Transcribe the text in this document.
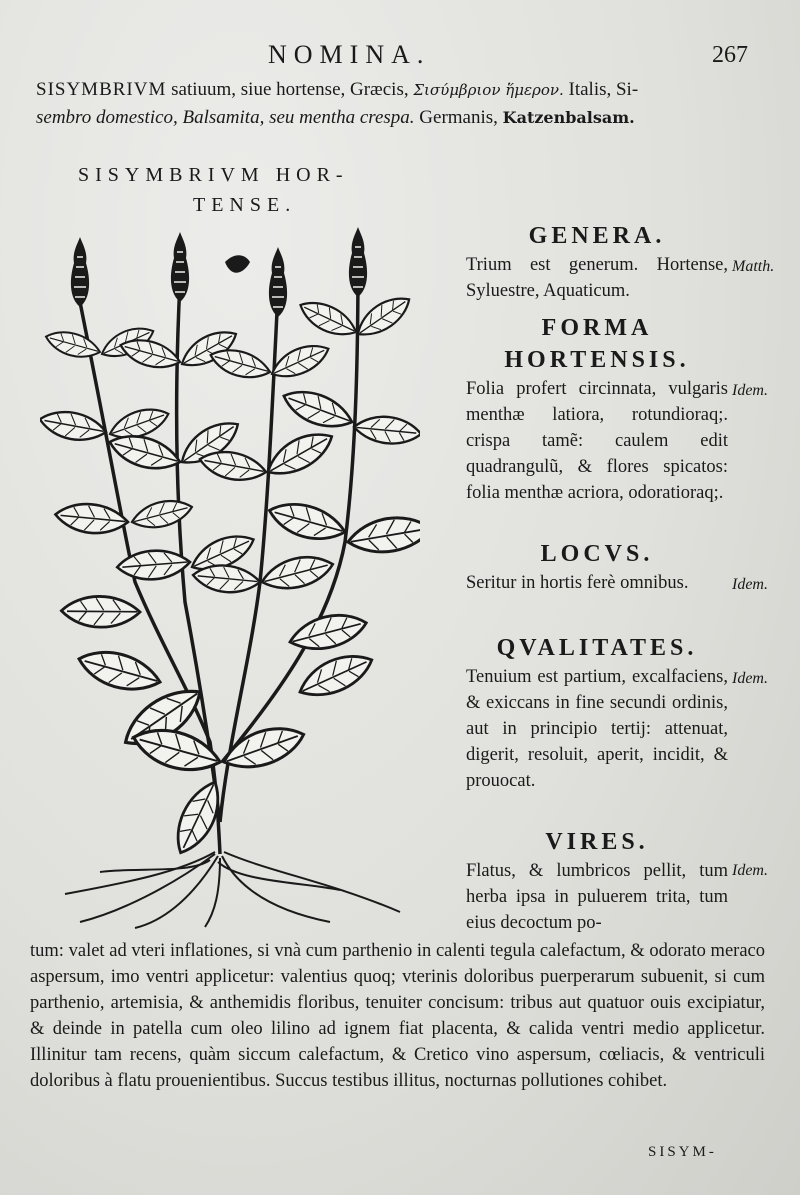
NOMINA.	267
SISYMBRIVM satiuum, siue hortense, Græcis, Σισύμβριον ἥμερον. Italis, Si-
sembro domestico, Balsamita, seu mentha crespa. Germanis, Katzenbalsam.
SISYMBRIVM HOR-
TENSE.
GENERA.

Trium est generum. Hortense, Syluestre, Aquaticum.

Matth.
FORMA HORTENSIS.

Folia profert circinnata, vulgaris menthæ latiora, rotundioraq;. crispa tamẽ: caulem edit quadrangulũ, & flores spicatos: folia menthæ acriora, odoratioraq;.

Idem.
LOCVS.

Seritur in hortis ferè omnibus.	Idem.
QVALITATES.

Tenuium est partium, excalfaciens, & exiccans in fine secundi ordinis, aut in principio tertij: attenuat, digerit, resoluit, aperit, incidit, & prouocat.

Idem.
VIRES.

Flatus, & lumbricos pellit, tum herba ipsa in puluerem trita, tum eius decoctum po-

Idem.
tum: valet ad vteri inflationes, si vnà cum parthenio in calenti tegula calefactum, & odorato meraco aspersum, imo ventri applicetur: valentius quoq; vterinis doloribus puerperarum subuenit, si cum parthenio, artemisia, & anthemidis floribus, tenuiter concisum: tribus aut quatuor ouis excipiatur, & deinde in patella cum oleo lilino ad ignem fiat placenta, & calida ventri medio applicetur. Illinitur tam recens, quàm siccum calefactum, & Cretico vino aspersum, cœliacis, & ventriculi doloribus à flatu prouenientibus. Succus testibus illitus, nocturnas pollutiones cohibet.
SISYM-
